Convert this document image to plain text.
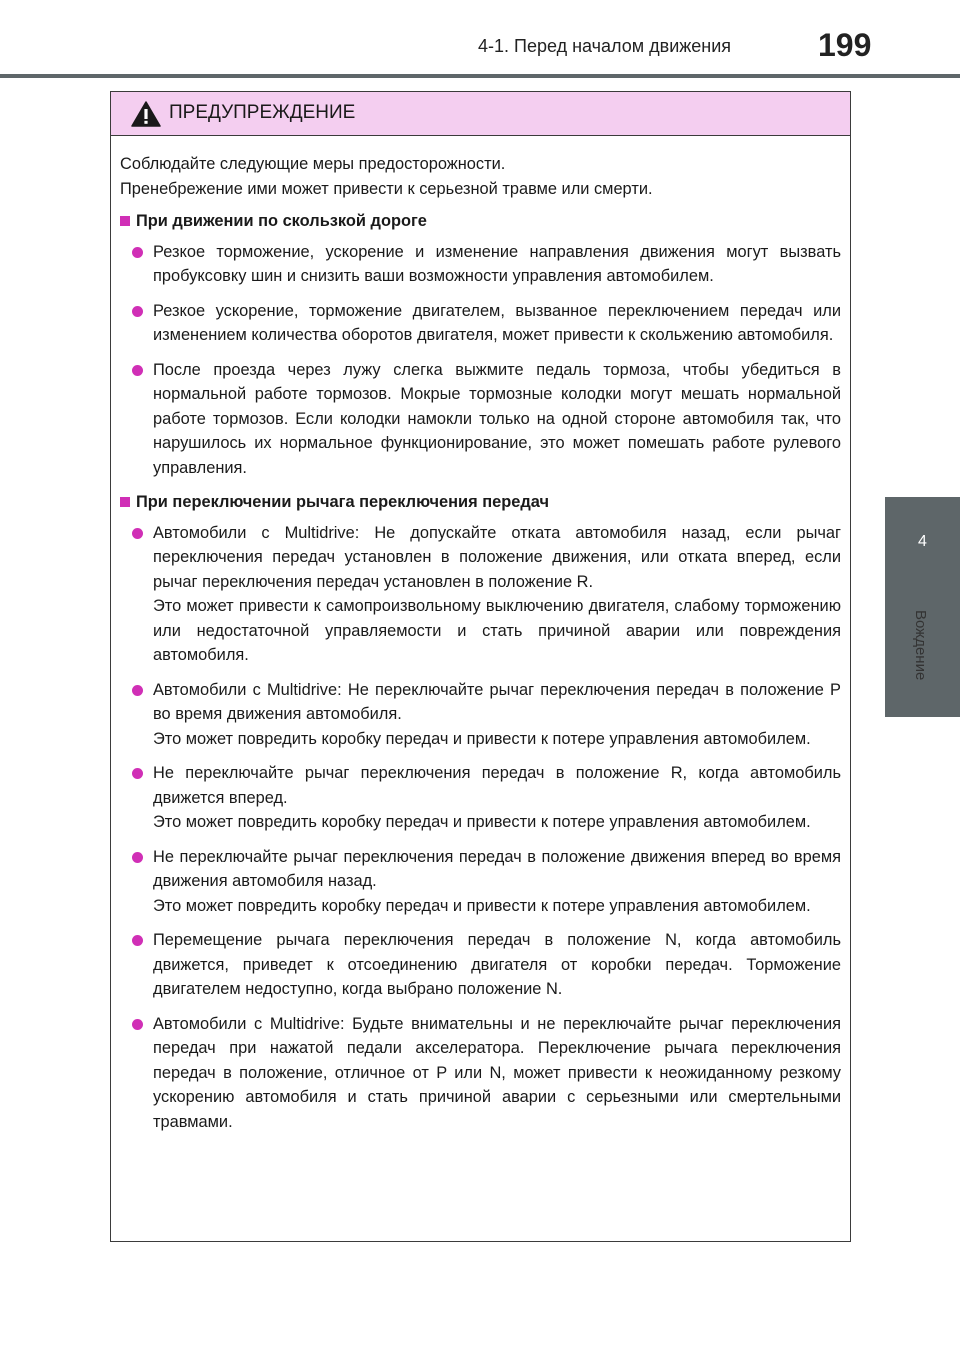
4-1. Перед началом движения	199
4
Вождение
ПРЕДУПРЕЖДЕНИЕ

Соблюдайте следующие меры предосторожности.

Пренебрежение ими может привести к серьезной травме или смерти.

При движении по скользкой дороге
Резкое торможение, ускорение и изменение направления движения могут вызвать пробуксовку шин и снизить ваши возможности управления автомобилем.
Резкое ускорение, торможение двигателем, вызванное переключением передач или изменением количества оборотов двигателя, может привести к скольжению автомобиля.
После проезда через лужу слегка выжмите педаль тормоза, чтобы убедиться в нормальной работе тормозов. Мокрые тормозные колодки могут мешать нормальной работе тормозов. Если колодки намокли только на одной стороне автомобиля так, что нарушилось их нормальное функционирование, это может помешать работе рулевого управления.
При переключении рычага переключения передач
Автомобили с Multidrive: Не допускайте отката автомобиля назад, если рычаг переключения передач установлен в положение движения, или отката вперед, если рычаг переключения передач установлен в положение R.
Это может привести к самопроизвольному выключению двигателя, слабому торможению или недостаточной управляемости и стать причиной аварии или повреждения автомобиля.
Автомобили с Multidrive: Не переключайте рычаг переключения передач в положение P во время движения автомобиля.
Это может повредить коробку передач и привести к потере управления автомобилем.
Не переключайте рычаг переключения передач в положение R, когда автомобиль движется вперед.
Это может повредить коробку передач и привести к потере управления автомобилем.
Не переключайте рычаг переключения передач в положение движения вперед во время движения автомобиля назад.
Это может повредить коробку передач и привести к потере управления автомобилем.
Перемещение рычага переключения передач в положение N, когда автомобиль движется, приведет к отсоединению двигателя от коробки передач. Торможение двигателем недоступно, когда выбрано положение N.
Автомобили с Multidrive: Будьте внимательны и не переключайте рычаг переключения передач при нажатой педали акселератора. Переключение рычага переключения передач в положение, отличное от P или N, может привести к неожиданному резкому ускорению автомобиля и стать причиной аварии с серьезными или смертельными травмами.
